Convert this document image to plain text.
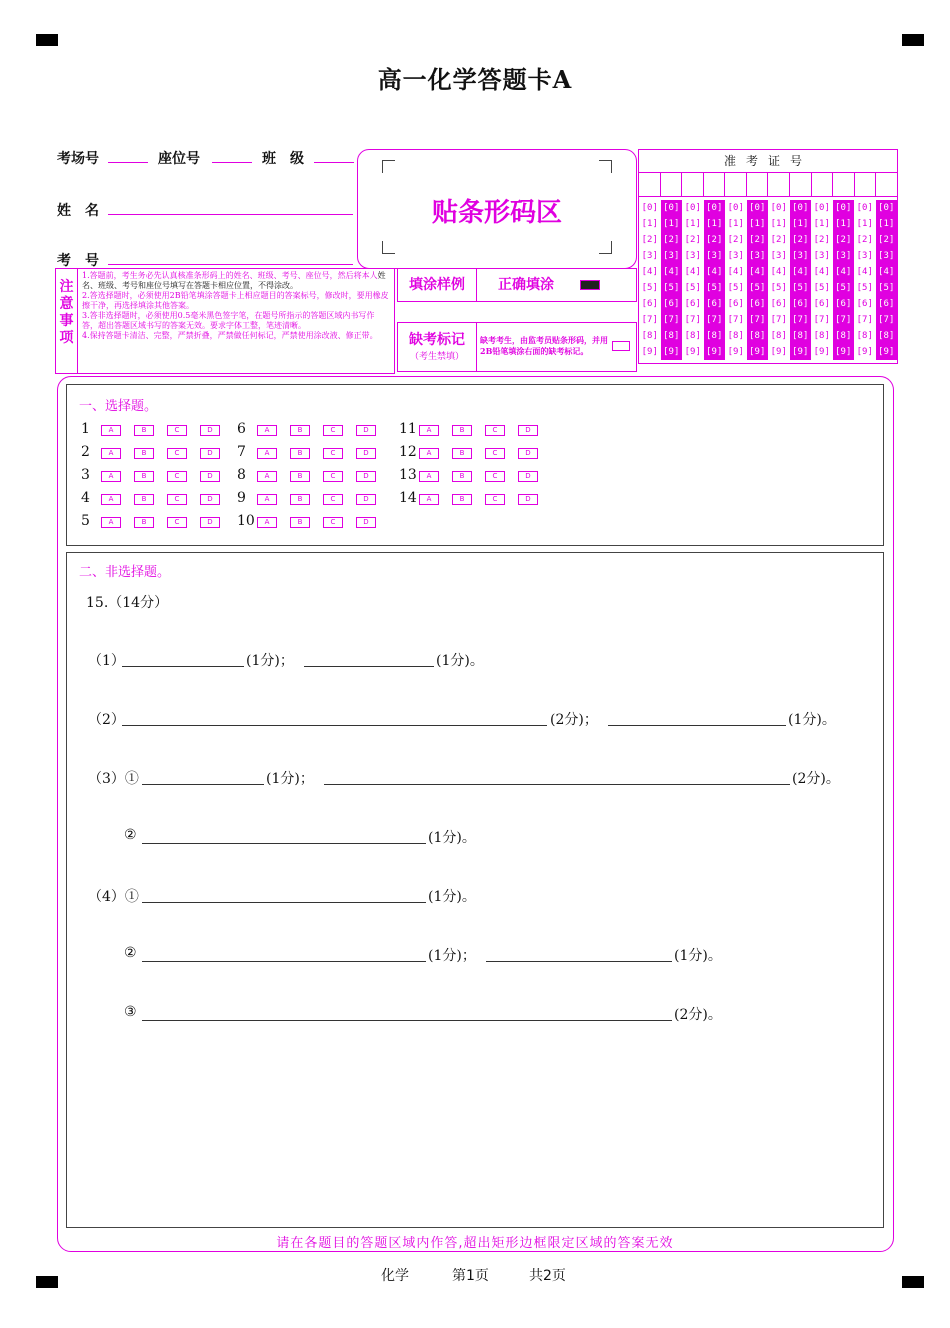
高一化学答题卡A
考场号	座位号	班　级
姓　名
考　号
贴条形码区
注
意
事
项
1.答题前，考生务必先认真核准条形码上的姓名、班级、考号、座位号，然后将本人姓名、班级、考号和座位号填写在答题卡相应位置，不得涂改。
2.答选择题时，必须使用2B铅笔填涂答题卡上相应题目的答案标号，修改时，要用橡皮擦干净，再选择填涂其他答案。
3.答非选择题时，必须使用0.5毫米黑色签字笔，在题号所指示的答题区域内书写作答，超出答题区域书写的答案无效。要求字体工整，笔迹清晰。
4.保持答题卡清洁、完整，严禁折叠，严禁做任何标记，严禁使用涂改液、修正带。
填涂样例	正确填涂
缺考标记
（考生禁填）
缺考考生，由监考员贴条形码，并用2B铅笔填涂右面的缺考标记。
准考证号
[0] [0] [0] [0] [0] [0] [0] [0] [0] [0] [0] [0]
[1] [1] [1] [1] [1] [1] [1] [1] [1] [1] [1] [1]
[2] [2] [2] [2] [2] [2] [2] [2] [2] [2] [2] [2]
[3] [3] [3] [3] [3] [3] [3] [3] [3] [3] [3] [3]
[4] [4] [4] [4] [4] [4] [4] [4] [4] [4] [4] [4]
[5] [5] [5] [5] [5] [5] [5] [5] [5] [5] [5] [5]
[6] [6] [6] [6] [6] [6] [6] [6] [6] [6] [6] [6]
[7] [7] [7] [7] [7] [7] [7] [7] [7] [7] [7] [7]
[8] [8] [8] [8] [8] [8] [8] [8] [8] [8] [8] [8]
[9] [9] [9] [9] [9] [9] [9] [9] [9] [9] [9] [9]
一、选择题。
1	A	B	C	D
2	A	B	C	D
3	A	B	C	D
4	A	B	C	D
5	A	B	C	D
6	A	B	C	D
7	A	B	C	D
8	A	B	C	D
9	A	B	C	D
10	A	B	C	D
11	A	B	C	D
12	A	B	C	D
13	A	B	C	D
14	A	B	C	D
二、非选择题。
15.（14分）
（1）	(1分)；	(1分)。
（2）	(2分)；	(1分)。
（3）①	(1分)；	(2分)。
②	(1分)。
（4）①	(1分)。
②	(1分)；	(1分)。
③	(2分)。
请在各题目的答题区域内作答,超出矩形边框限定区域的答案无效
化学	第1页	共2页
